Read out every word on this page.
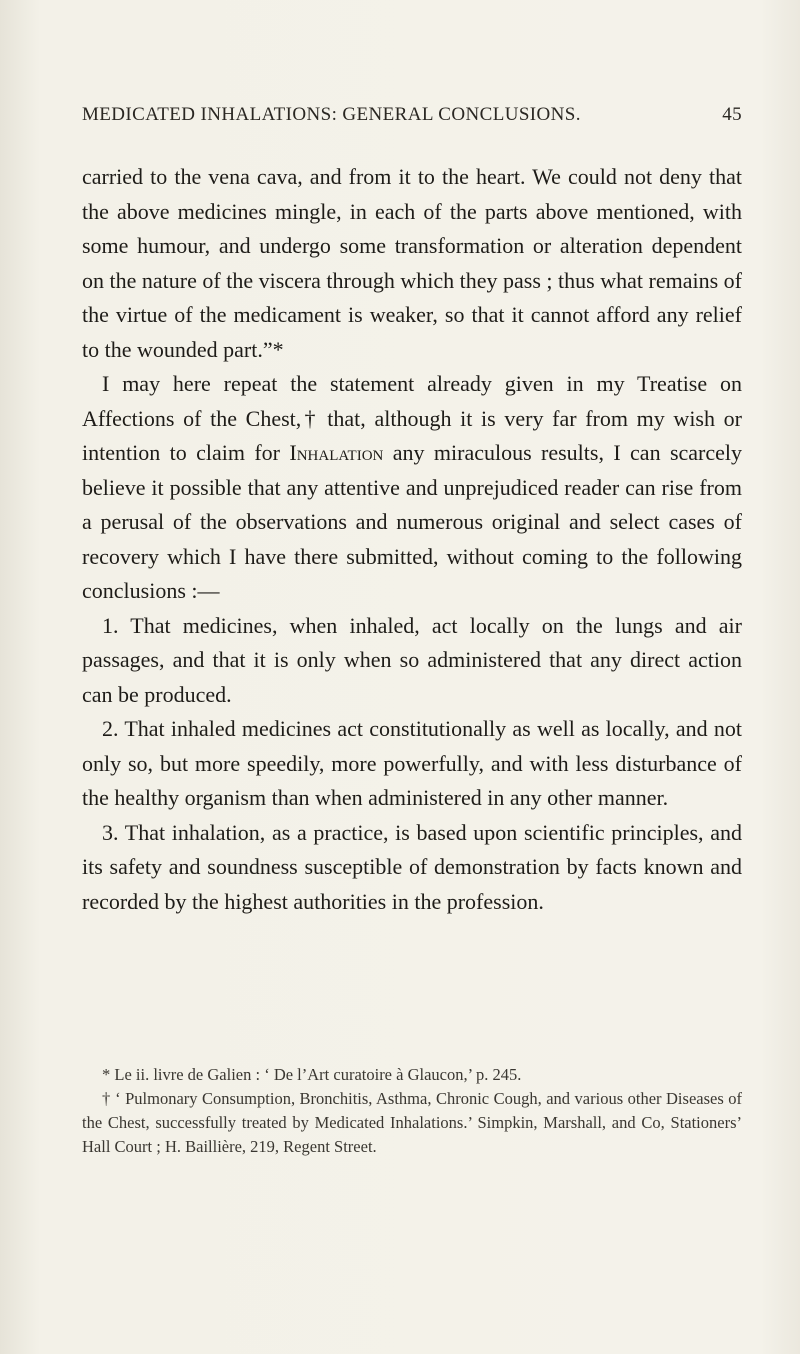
MEDICATED INHALATIONS: GENERAL CONCLUSIONS.	45

carried to the vena cava, and from it to the heart. We could not deny that the above medicines mingle, in each of the parts above mentioned, with some humour, and undergo some transformation or alteration dependent on the nature of the viscera through which they pass ; thus what remains of the virtue of the medicament is weaker, so that it cannot afford any relief to the wounded part.”*

I may here repeat the statement already given in my Treatise on Affections of the Chest,† that, although it is very far from my wish or intention to claim for Inhalation any miraculous results, I can scarcely believe it possible that any attentive and unprejudiced reader can rise from a perusal of the observations and numerous original and select cases of recovery which I have there submitted, without coming to the following conclusions :—

1. That medicines, when inhaled, act locally on the lungs and air passages, and that it is only when so administered that any direct action can be produced.

2. That inhaled medicines act constitutionally as well as locally, and not only so, but more speedily, more powerfully, and with less disturbance of the healthy organism than when administered in any other manner.

3. That inhalation, as a practice, is based upon scientific principles, and its safety and soundness susceptible of demonstration by facts known and recorded by the highest authorities in the profession.

* Le ii. livre de Galien : ‘ De l’Art curatoire à Glaucon,’ p. 245.

† ‘ Pulmonary Consumption, Bronchitis, Asthma, Chronic Cough, and various other Diseases of the Chest, successfully treated by Medicated Inhalations.’ Simpkin, Marshall, and Co, Stationers’ Hall Court ; H. Baillière, 219, Regent Street.
